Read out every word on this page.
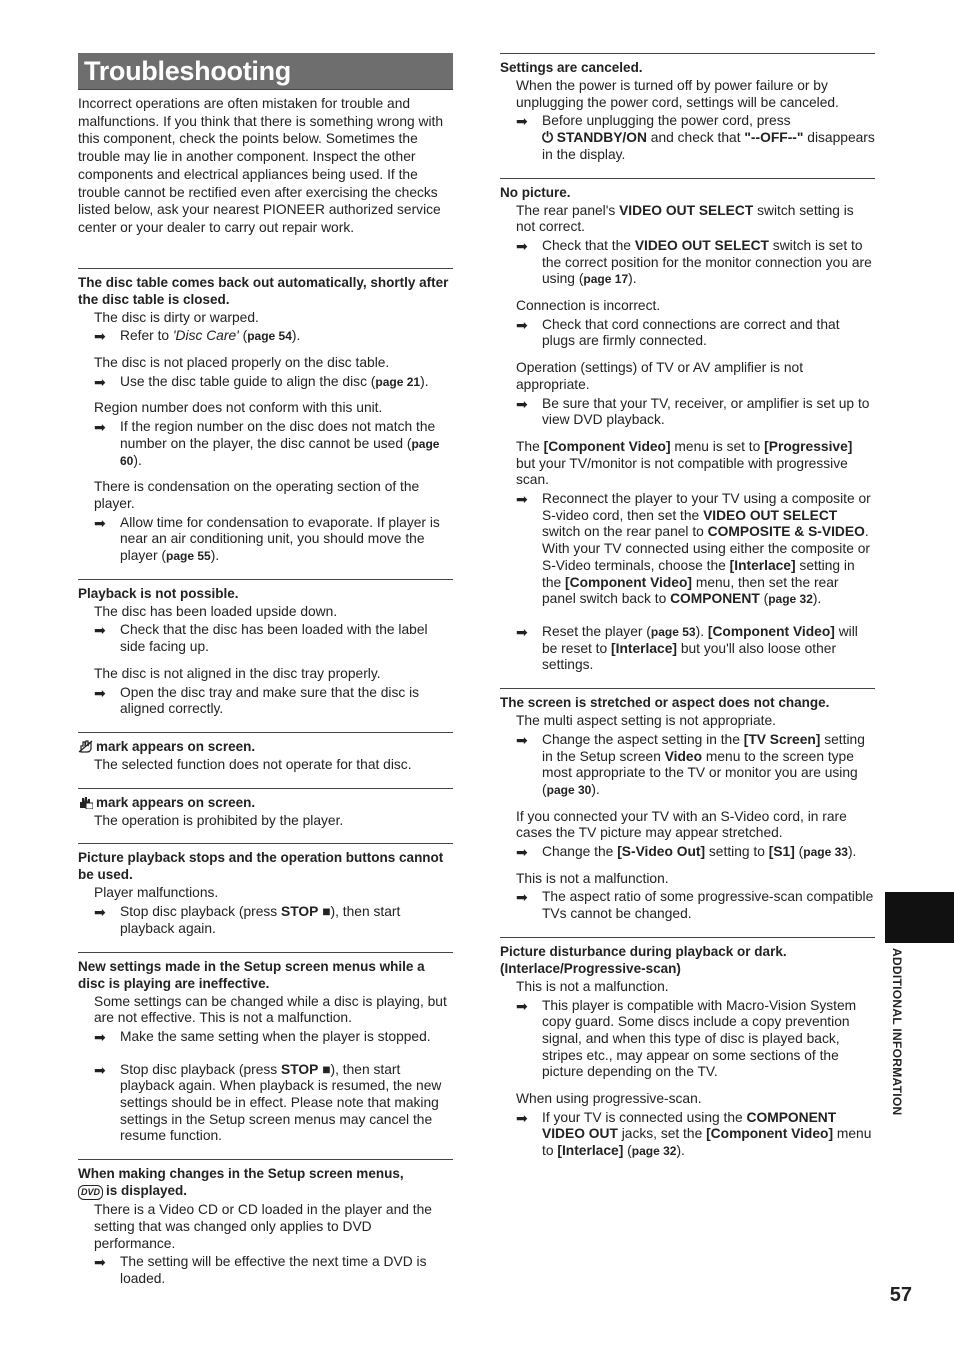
Troubleshooting

Incorrect operations are often mistaken for trouble and malfunctions. If you think that there is something wrong with this component, check the points below. Sometimes the trouble may lie in another component. Inspect the other components and electrical appliances being used. If the trouble cannot be rectified even after exercising the checks listed below, ask your nearest PIONEER authorized service center or your dealer to carry out repair work.

The disc table comes back out automatically, shortly after the disc table is closed.
The disc is dirty or warped.
➡ Refer to 'Disc Care' (page 54).
The disc is not placed properly on the disc table.
➡ Use the disc table guide to align the disc (page 21).
Region number does not conform with this unit.
➡ If the region number on the disc does not match the number on the player, the disc cannot be used (page 60).
There is condensation on the operating section of the player.
➡ Allow time for condensation to evaporate. If player is near an air conditioning unit, you should move the player (page 55).
Playback is not possible.
The disc has been loaded upside down.
➡ Check that the disc has been loaded with the label side facing up.
The disc is not aligned in the disc tray properly.
➡ Open the disc tray and make sure that the disc is aligned correctly.
mark appears on screen.
The selected function does not operate for that disc.
mark appears on screen.
The operation is prohibited by the player.
Picture playback stops and the operation buttons cannot be used.
Player malfunctions.
➡ Stop disc playback (press STOP ■), then start playback again.
New settings made in the Setup screen menus while a disc is playing are ineffective.
Some settings can be changed while a disc is playing, but are not effective. This is not a malfunction.
➡ Make the same setting when the player is stopped.
➡ Stop disc playback (press STOP ■), then start playback again. When playback is resumed, the new settings should be in effect. Please note that making settings in the Setup screen menus may cancel the resume function.
When making changes in the Setup screen menus,
DVD is displayed.
There is a Video CD or CD loaded in the player and the setting that was changed only applies to DVD performance.
➡ The setting will be effective the next time a DVD is loaded.
Settings are canceled.
When the power is turned off by power failure or by unplugging the power cord, settings will be canceled.
➡ Before unplugging the power cord, press
⏻ STANDBY/ON and check that "--OFF--" disappears in the display.
No picture.
The rear panel's VIDEO OUT SELECT switch setting is not correct.
➡ Check that the VIDEO OUT SELECT switch is set to the correct position for the monitor connection you are using (page 17).
Connection is incorrect.
➡ Check that cord connections are correct and that plugs are firmly connected.
Operation (settings) of TV or AV amplifier is not appropriate.
➡ Be sure that your TV, receiver, or amplifier is set up to view DVD playback.
The [Component Video] menu is set to [Progressive] but your TV/monitor is not compatible with progressive scan.
➡ Reconnect the player to your TV using a composite or S-video cord, then set the VIDEO OUT SELECT switch on the rear panel to COMPOSITE & S-VIDEO. With your TV connected using either the composite or S-Video terminals, choose the [Interlace] setting in the [Component Video] menu, then set the rear panel switch back to COMPONENT (page 32).
➡ Reset the player (page 53). [Component Video] will be reset to [Interlace] but you'll also loose other settings.
The screen is stretched or aspect does not change.
The multi aspect setting is not appropriate.
➡ Change the aspect setting in the [TV Screen] setting in the Setup screen Video menu to the screen type most appropriate to the TV or monitor you are using (page 30).
If you connected your TV with an S-Video cord, in rare cases the TV picture may appear stretched.
➡ Change the [S-Video Out] setting to [S1] (page 33).
This is not a malfunction.
➡ The aspect ratio of some progressive-scan compatible TVs cannot be changed.
Picture disturbance during playback or dark. (Interlace/Progressive-scan)
This is not a malfunction.
➡ This player is compatible with Macro-Vision System copy guard. Some discs include a copy prevention signal, and when this type of disc is played back, stripes etc., may appear on some sections of the picture depending on the TV.
When using progressive-scan.
➡ If your TV is connected using the COMPONENT VIDEO OUT jacks, set the [Component Video] menu to [Interlace] (page 32).
ADDITIONAL INFORMATION
57
